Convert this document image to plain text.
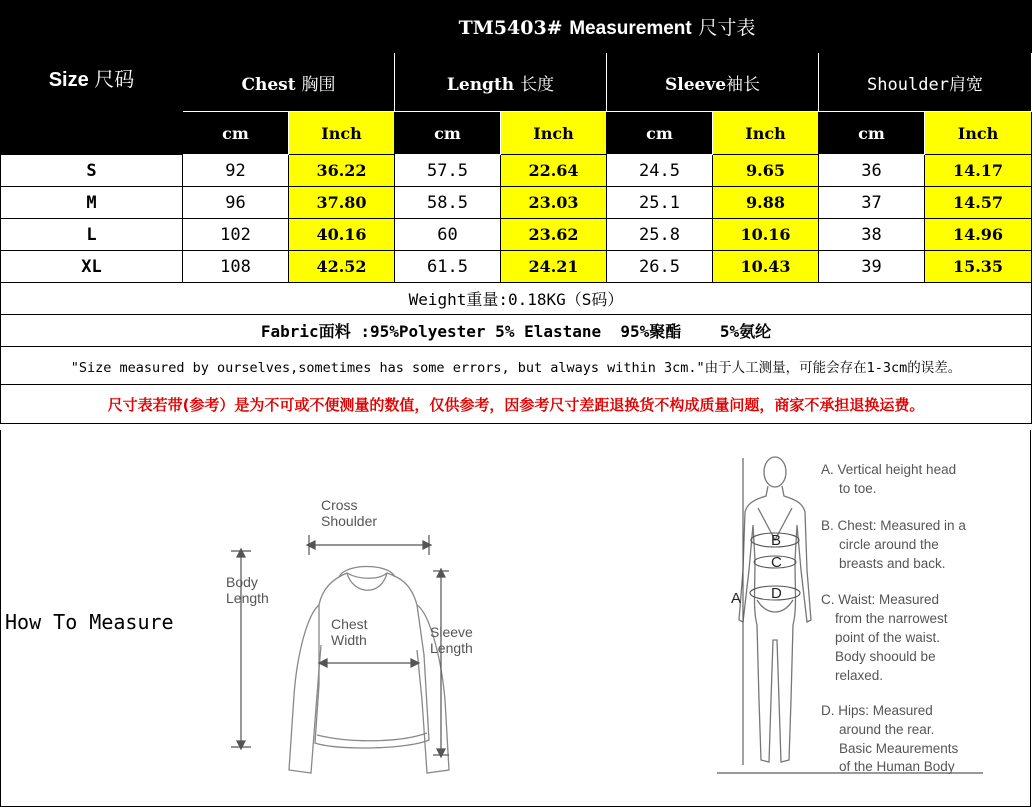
Size 尺码	TM5403# Measurement 尺寸表							
	Chest 胸围		Length 长度		Sleeve袖长		Shoulder肩宽	
	cm	Inch	cm	Inch	cm	Inch	cm	Inch
S	92	36.22	57.5	22.64	24.5	9.65	36	14.17
M	96	37.80	58.5	23.03	25.1	9.88	37	14.57
L	102	40.16	60	23.62	25.8	10.16	38	14.96
XL	108	42.52	61.5	24.21	26.5	10.43	39	15.35
Weight重量:0.18KG（S码）								
Fabric面料 :95%Polyester 5% Elastane  95%聚酯    5%氨纶								
"Size measured by ourselves,sometimes has some errors, but always within 3cm."由于人工测量，可能会存在1-3cm的误差。								
尺寸表若带(参考）是为不可或不便测量的数值，仅供参考，因参考尺寸差距退换货不构成质量问题，商家不承担退换运费。								
How To Measure
Cross
Shoulder
Body
Length
Chest
Width	Sleeve
Length
A
B
C
D
A. Vertical height head
to toe.
B. Chest: Measured in a
circle around the
breasts and back.
C. Waist: Measured
from the narrowest
point of the waist.
Body shoould be
relaxed.
D. Hips: Measured
around the rear.
Basic Meaurements
of the Human Body
